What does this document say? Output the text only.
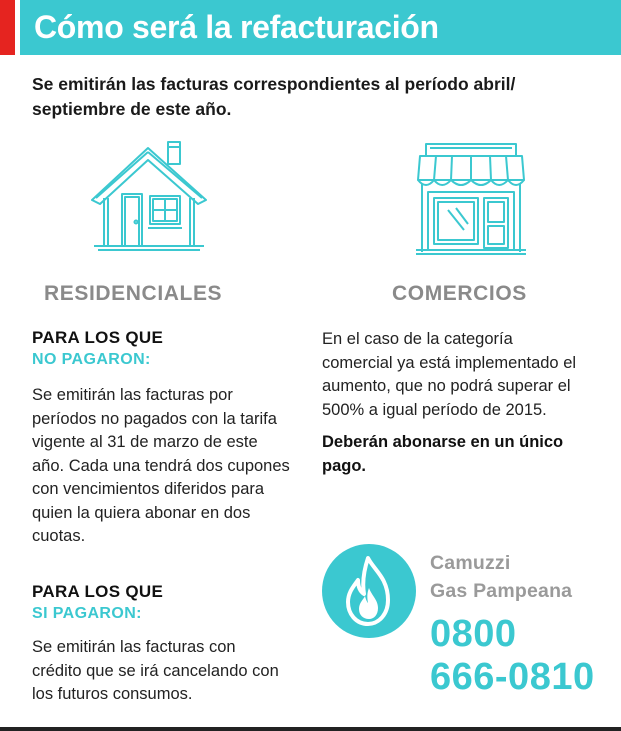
Cómo será la refacturación
Se emitirán las facturas correspondientes al período abril/
septiembre de este año.
RESIDENCIALES	COMERCIOS
PARA LOS QUE
NO PAGARON:
Se emitirán las facturas por
períodos no pagados con la tarifa
vigente al 31 de marzo de este
año. Cada una tendrá dos cupones
con vencimientos diferidos para
quien la quiera abonar en dos
cuotas.
PARA LOS QUE
SI PAGARON:
Se emitirán las facturas con
crédito que se irá cancelando con
los futuros consumos.
En el caso de la categoría
comercial ya está implementado el
aumento, que no podrá superar el
500% a igual período de 2015.
Deberán abonarse en un único
pago.
Camuzzi
Gas Pampeana
0800
666-0810
